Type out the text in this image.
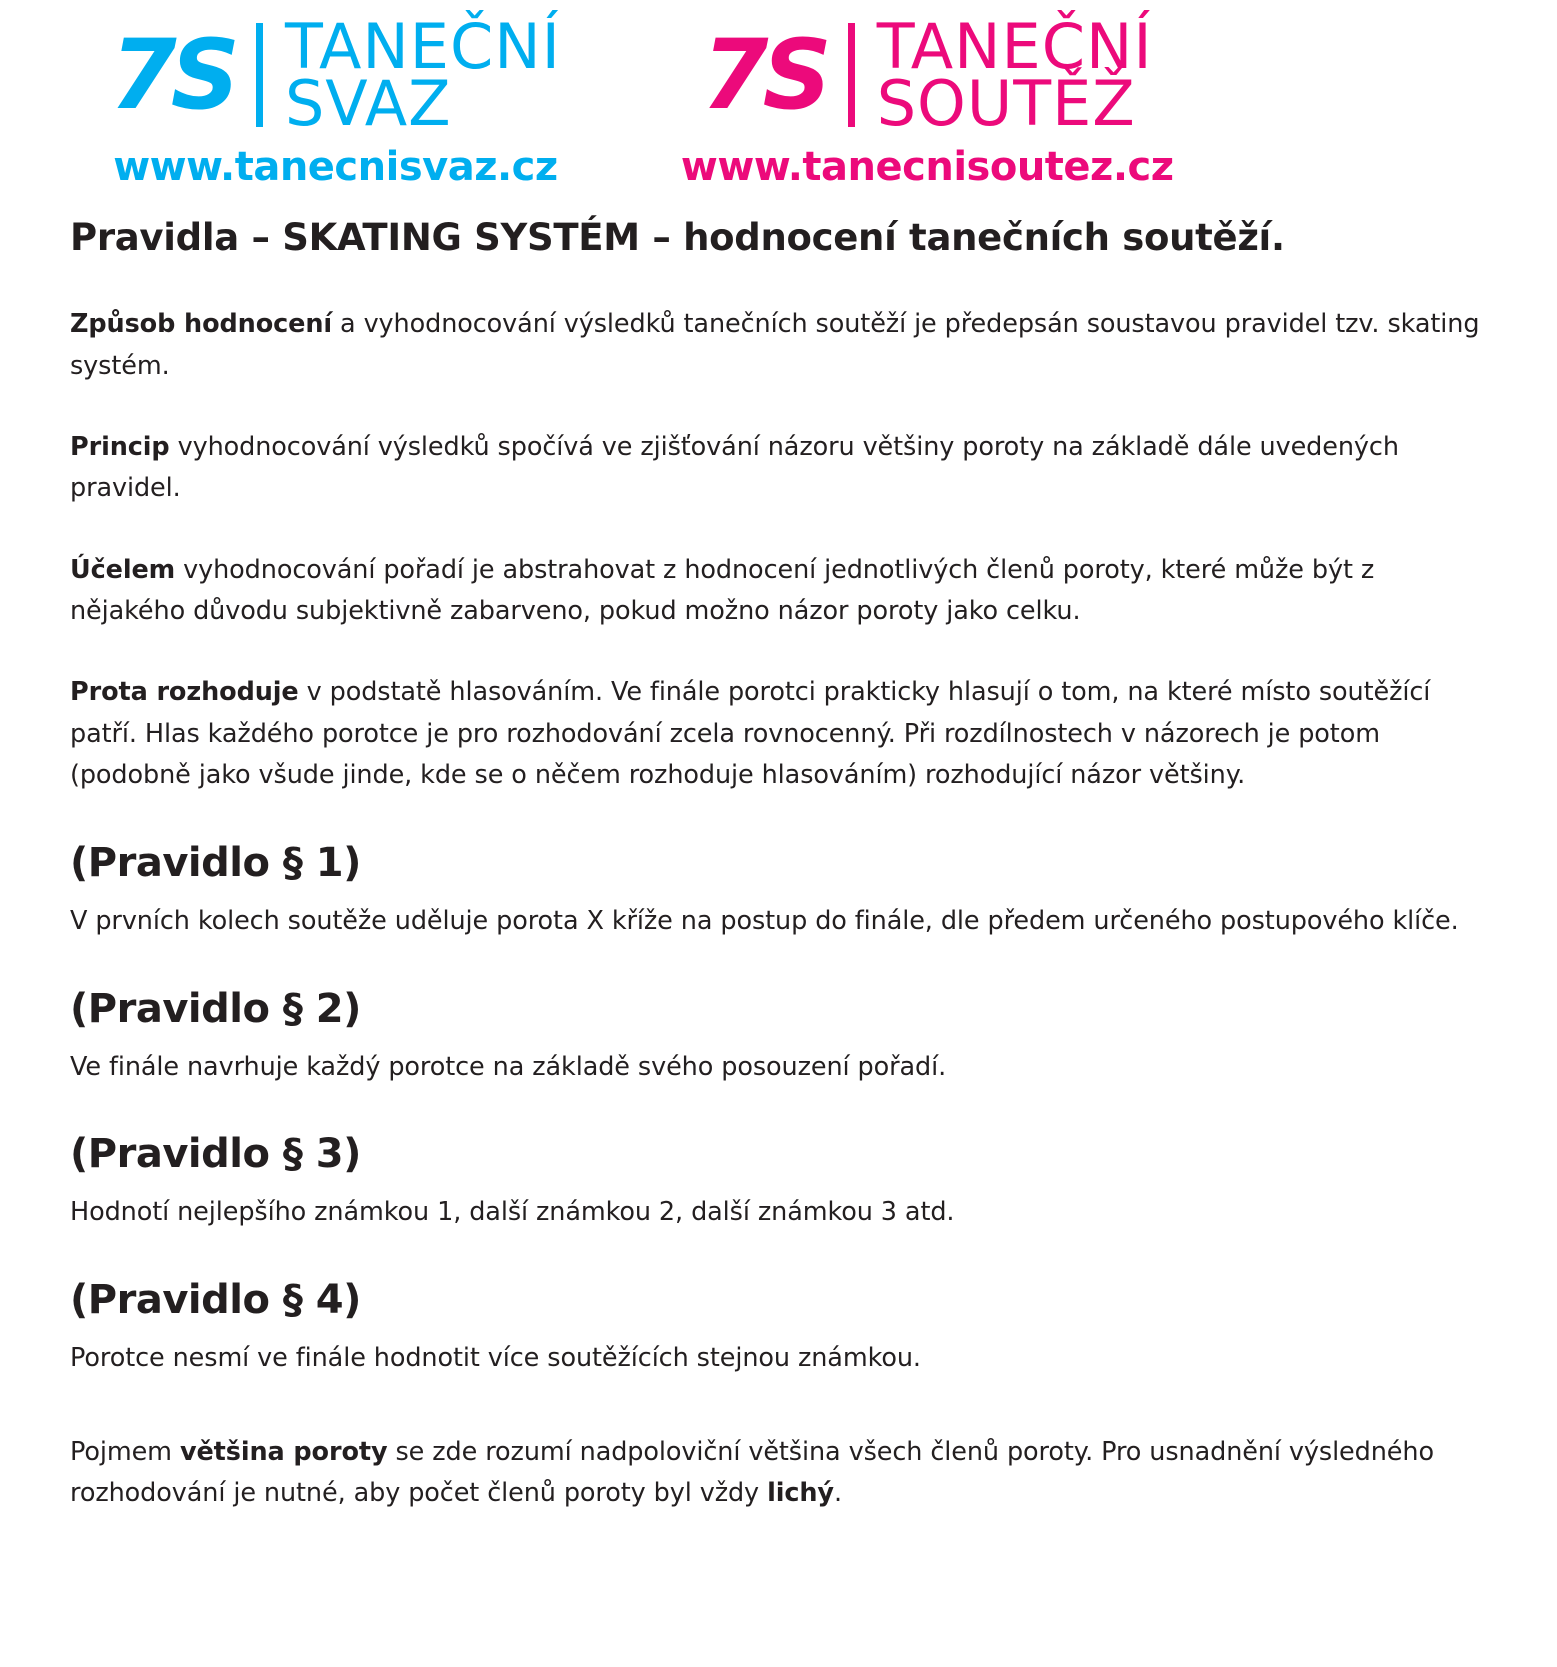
7S TANEČNÍ
SVAZ
www.tanecnisvaz.cz
7S TANEČNÍ
SOUTĚŽ
www.tanecnisoutez.cz
Pravidla – SKATING SYSTÉM – hodnocení tanečních soutěží.

Způsob hodnocení a vyhodnocování výsledků tanečních soutěží je předepsán soustavou pravidel tzv. skating systém.

Princip vyhodnocování výsledků spočívá ve zjišťování názoru většiny poroty na základě dále uvedených pravidel.

Účelem vyhodnocování pořadí je abstrahovat z hodnocení jednotlivých členů poroty, které může být z nějakého důvodu subjektivně zabarveno, pokud možno názor poroty jako celku.

Prota rozhoduje v podstatě hlasováním. Ve finále porotci prakticky hlasují o tom, na které místo soutěžící patří. Hlas každého porotce je pro rozhodování zcela rovnocenný. Při rozdílnostech v názorech je potom (podobně jako všude jinde, kde se o něčem rozhoduje hlasováním) rozhodující názor většiny.

(Pravidlo § 1)

V prvních kolech soutěže uděluje porota X kříže na postup do finále, dle předem určeného postupového klíče.

(Pravidlo § 2)

Ve finále navrhuje každý porotce na základě svého posouzení pořadí.

(Pravidlo § 3)

Hodnotí nejlepšího známkou 1, další známkou 2, další známkou 3 atd.

(Pravidlo § 4)

Porotce nesmí ve finále hodnotit více soutěžících stejnou známkou.

Pojmem většina poroty se zde rozumí nadpoloviční většina všech členů poroty. Pro usnadnění výsledného rozhodování je nutné, aby počet členů poroty byl vždy lichý.
